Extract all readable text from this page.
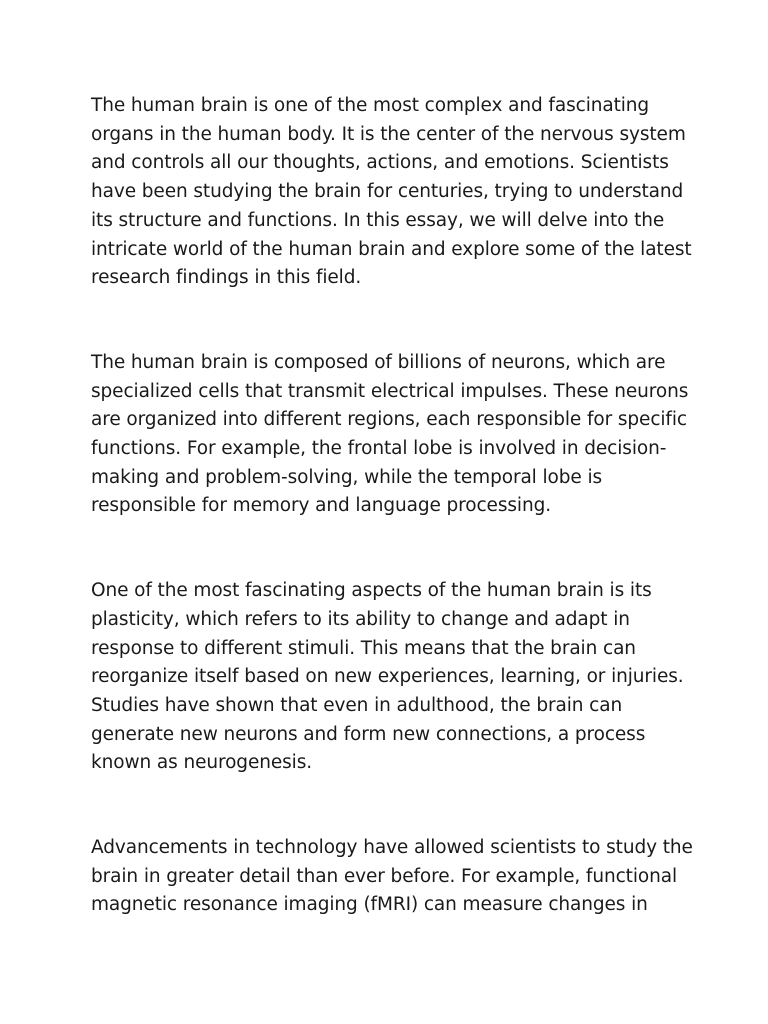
The human brain is one of the most complex and fascinating
organs in the human body. It is the center of the nervous system
and controls all our thoughts, actions, and emotions. Scientists
have been studying the brain for centuries, trying to understand
its structure and functions. In this essay, we will delve into the
intricate world of the human brain and explore some of the latest
research findings in this field.

The human brain is composed of billions of neurons, which are
specialized cells that transmit electrical impulses. These neurons
are organized into different regions, each responsible for specific
functions. For example, the frontal lobe is involved in decision-
making and problem-solving, while the temporal lobe is
responsible for memory and language processing.

One of the most fascinating aspects of the human brain is its
plasticity, which refers to its ability to change and adapt in
response to different stimuli. This means that the brain can
reorganize itself based on new experiences, learning, or injuries.
Studies have shown that even in adulthood, the brain can
generate new neurons and form new connections, a process
known as neurogenesis.

Advancements in technology have allowed scientists to study the
brain in greater detail than ever before. For example, functional
magnetic resonance imaging (fMRI) can measure changes in
